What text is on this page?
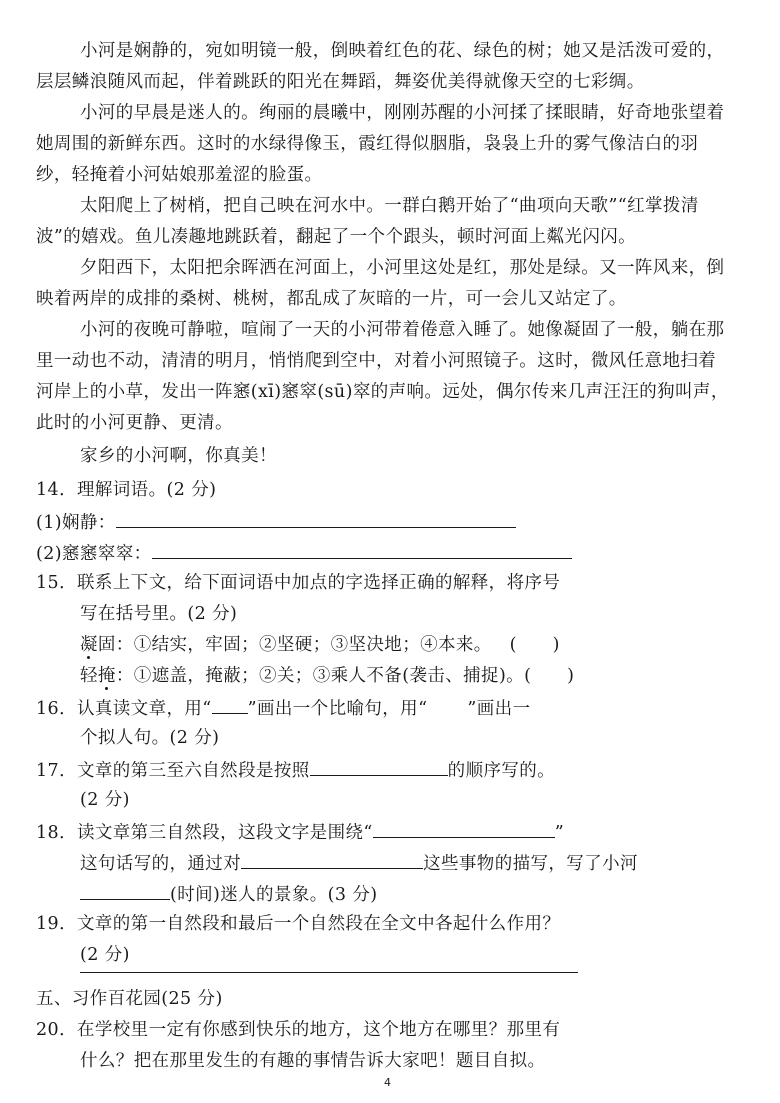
小河是娴静的，宛如明镜一般，倒映着红色的花、绿色的树；她又是活泼可爱的，
层层鳞浪随风而起，伴着跳跃的阳光在舞蹈，舞姿优美得就像天空的七彩绸。
小河的早晨是迷人的。绚丽的晨曦中，刚刚苏醒的小河揉了揉眼睛，好奇地张望着
她周围的新鲜东西。这时的水绿得像玉，霞红得似胭脂，袅袅上升的雾气像洁白的羽
纱，轻掩着小河姑娘那羞涩的脸蛋。
太阳爬上了树梢，把自己映在河水中。一群白鹅开始了“曲项向天歌”“红掌拨清
波”的嬉戏。鱼儿凑趣地跳跃着，翻起了一个个跟头，顿时河面上粼光闪闪。
夕阳西下，太阳把余晖洒在河面上，小河里这处是红，那处是绿。又一阵风来，倒
映着两岸的成排的桑树、桃树，都乱成了灰暗的一片，可一会儿又站定了。
小河的夜晚可静啦，喧闹了一天的小河带着倦意入睡了。她像凝固了一般，躺在那
里一动也不动，清清的明月，悄悄爬到空中，对着小河照镜子。这时，微风任意地扫着
河岸上的小草，发出一阵窸(xī)窸窣(sū)窣的声响。远处，偶尔传来几声汪汪的狗叫声，
此时的小河更静、更清。
家乡的小河啊，你真美！
14．理解词语。(2 分)
(1)娴静：
(2)窸窸窣窣：
15．联系上下文，给下面词语中加点的字选择正确的解释，将序号
写在括号里。(2 分)
凝固：①结实，牢固；②坚硬；③坚决地；④本来。 (　　)
轻掩：①遮盖，掩蔽；②关；③乘人不备(袭击、捕捉)。(　　)
16．认真读文章，用“ ”画出一个比喻句，用“ ”画出一
个拟人句。(2 分)
17．文章的第三至六自然段是按照	的顺序写的。
(2 分)
18．读文章第三自然段，这段文字是围绕“	”
这句话写的，通过对	这些事物的描写，写了小河
(时间)迷人的景象。(3 分)
19．文章的第一自然段和最后一个自然段在全文中各起什么作用？
(2 分)
五、习作百花园(25 分)
20．在学校里一定有你感到快乐的地方，这个地方在哪里？那里有
什么？把在那里发生的有趣的事情告诉大家吧！题目自拟。
4
